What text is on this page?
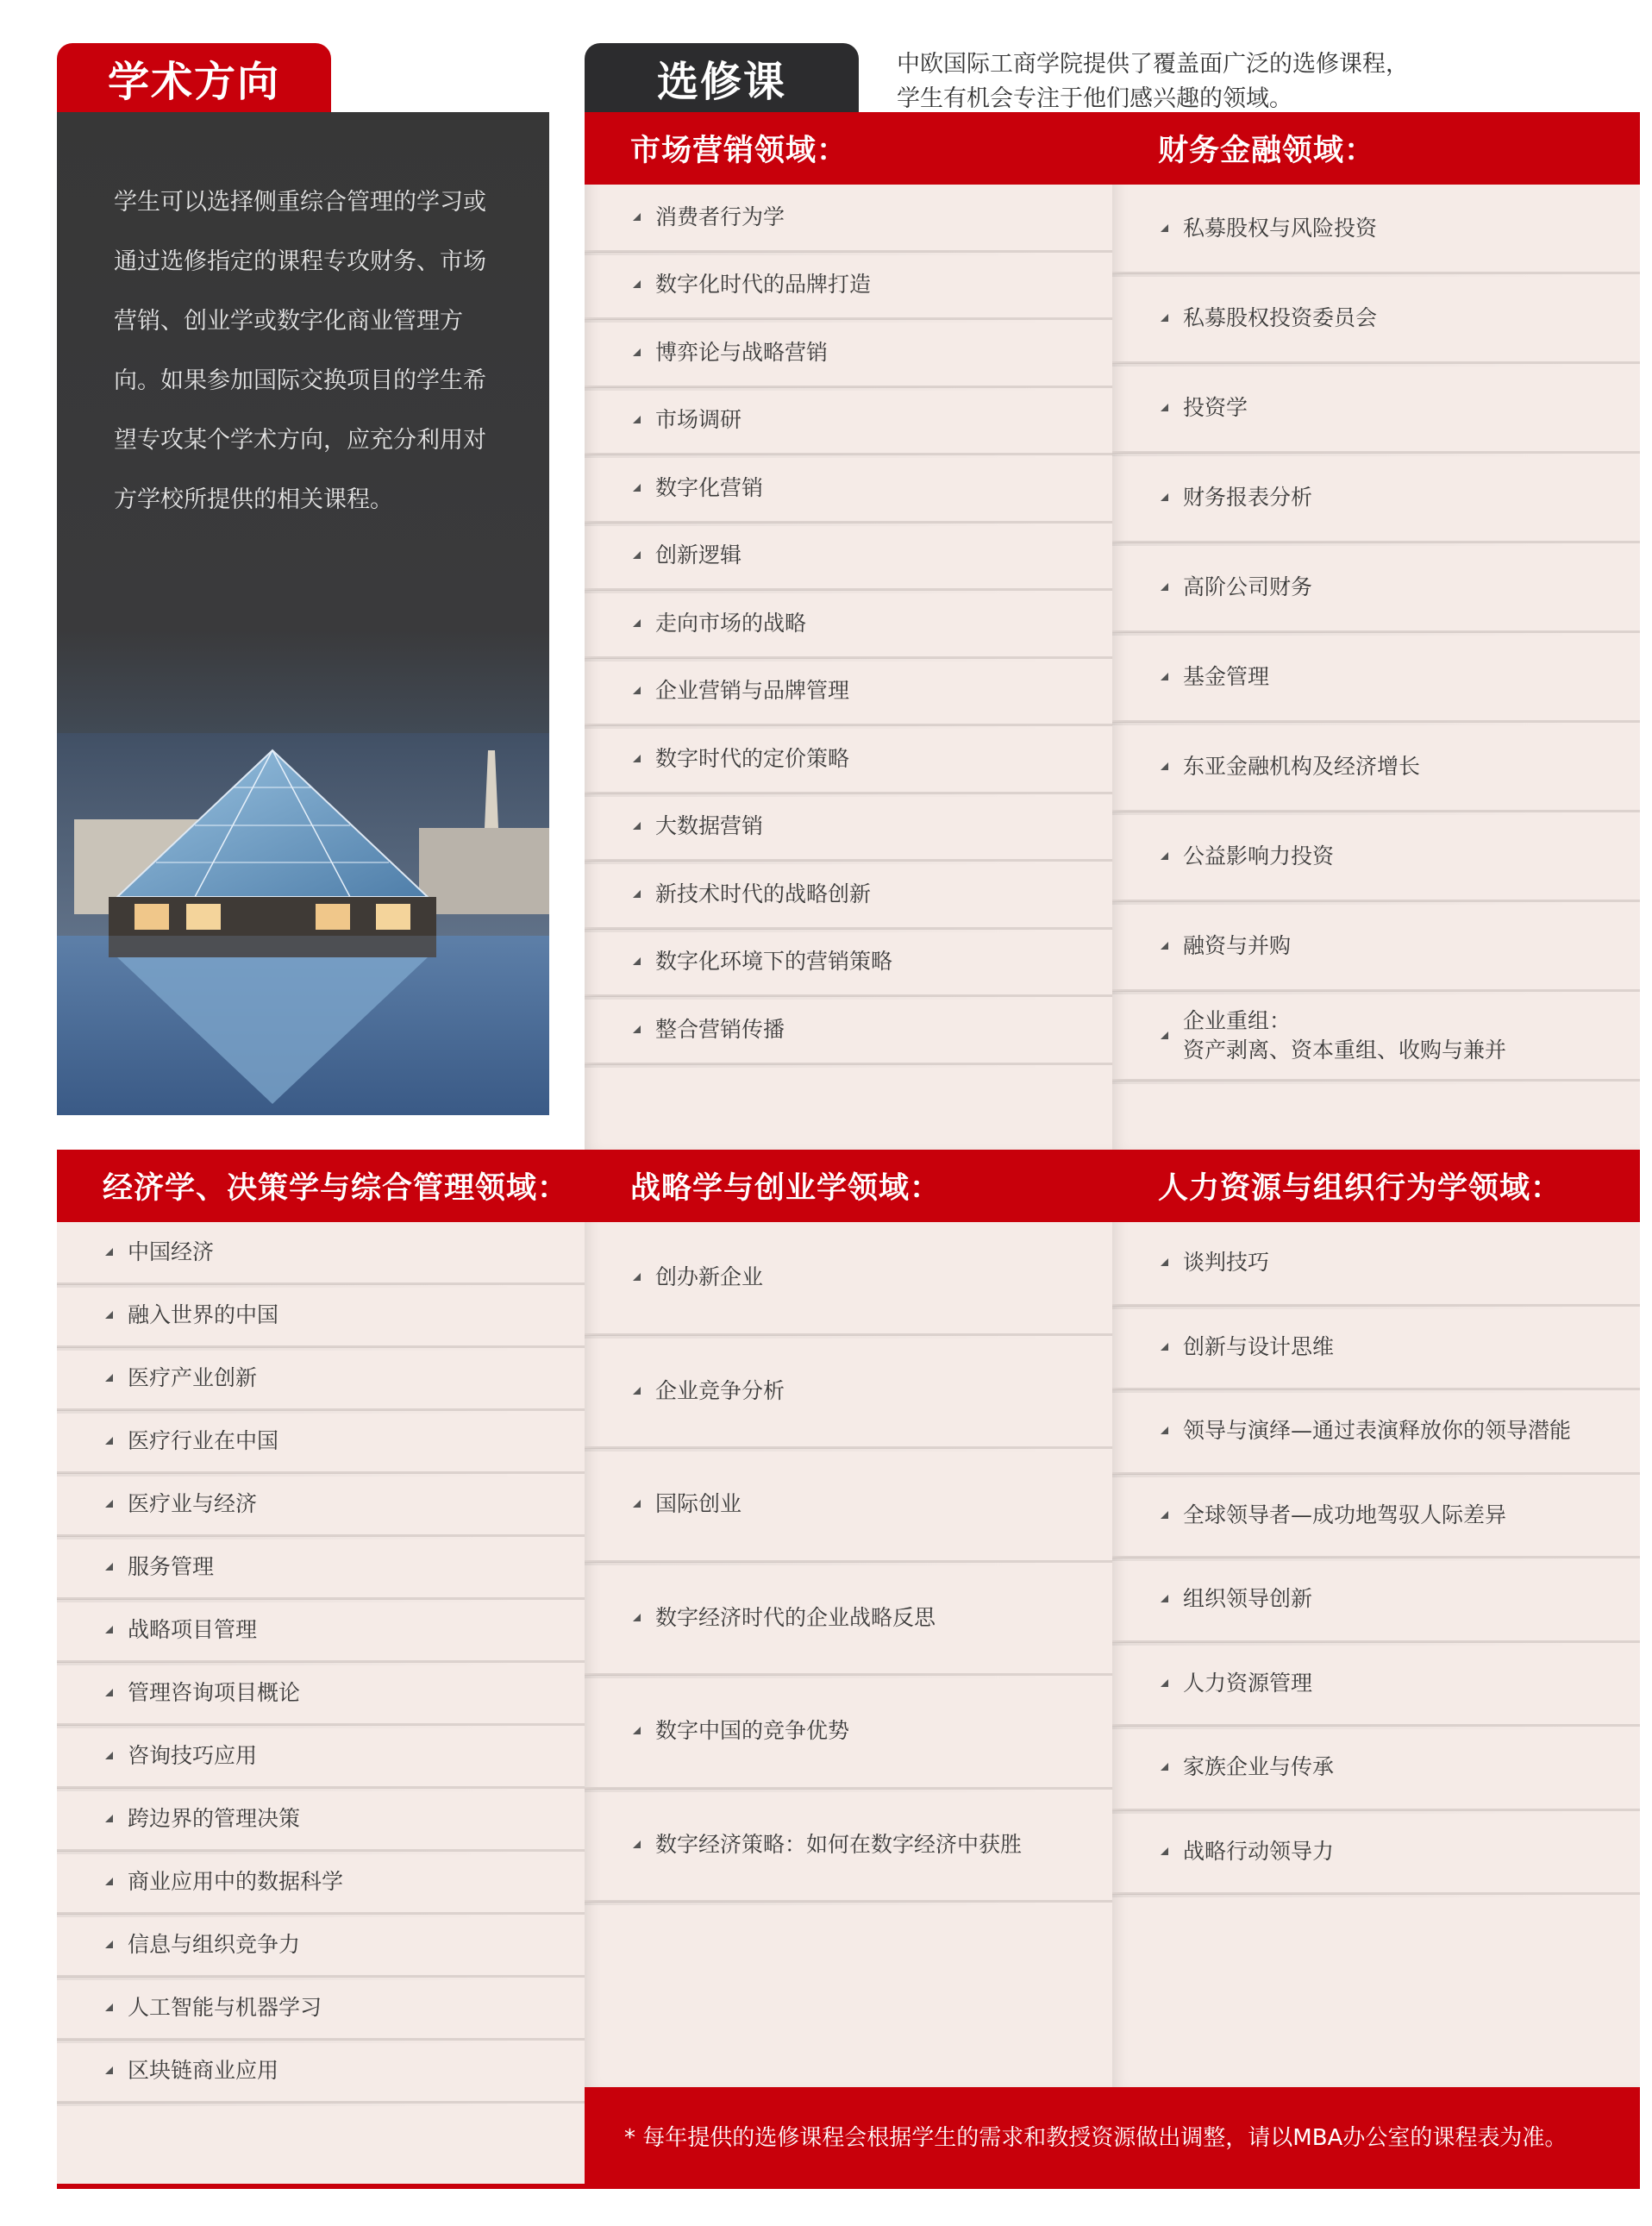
学术方向	选修课	中欧国际工商学院提供了覆盖面广泛的选修课程，
学生有机会专注于他们感兴趣的领域。
学生可以选择侧重综合管理的学习或通过选修指定的课程专攻财务、市场营销、创业学或数字化商业管理方向。如果参加国际交换项目的学生希望专攻某个学术方向，应充分利用对方学校所提供的相关课程。
市场营销领域：
消费者行为学
数字化时代的品牌打造
博弈论与战略营销
市场调研
数字化营销
创新逻辑
走向市场的战略
企业营销与品牌管理
数字时代的定价策略
大数据营销
新技术时代的战略创新
数字化环境下的营销策略
整合营销传播
财务金融领域：
私募股权与风险投资
私募股权投资委员会
投资学
财务报表分析
高阶公司财务
基金管理
东亚金融机构及经济增长
公益影响力投资
融资与并购
企业重组：
资产剥离、资本重组、收购与兼并
经济学、决策学与综合管理领域：
中国经济
融入世界的中国
医疗产业创新
医疗行业在中国
医疗业与经济
服务管理
战略项目管理
管理咨询项目概论
咨询技巧应用
跨边界的管理决策
商业应用中的数据科学
信息与组织竞争力
人工智能与机器学习
区块链商业应用
战略学与创业学领域：
创办新企业
企业竞争分析
国际创业
数字经济时代的企业战略反思
数字中国的竞争优势
数字经济策略：如何在数字经济中获胜
人力资源与组织行为学领域：
谈判技巧
创新与设计思维
领导与演绎—通过表演释放你的领导潜能
全球领导者—成功地驾驭人际差异
组织领导创新
人力资源管理
家族企业与传承
战略行动领导力
* 每年提供的选修课程会根据学生的需求和教授资源做出调整，请以MBA办公室的课程表为准。
